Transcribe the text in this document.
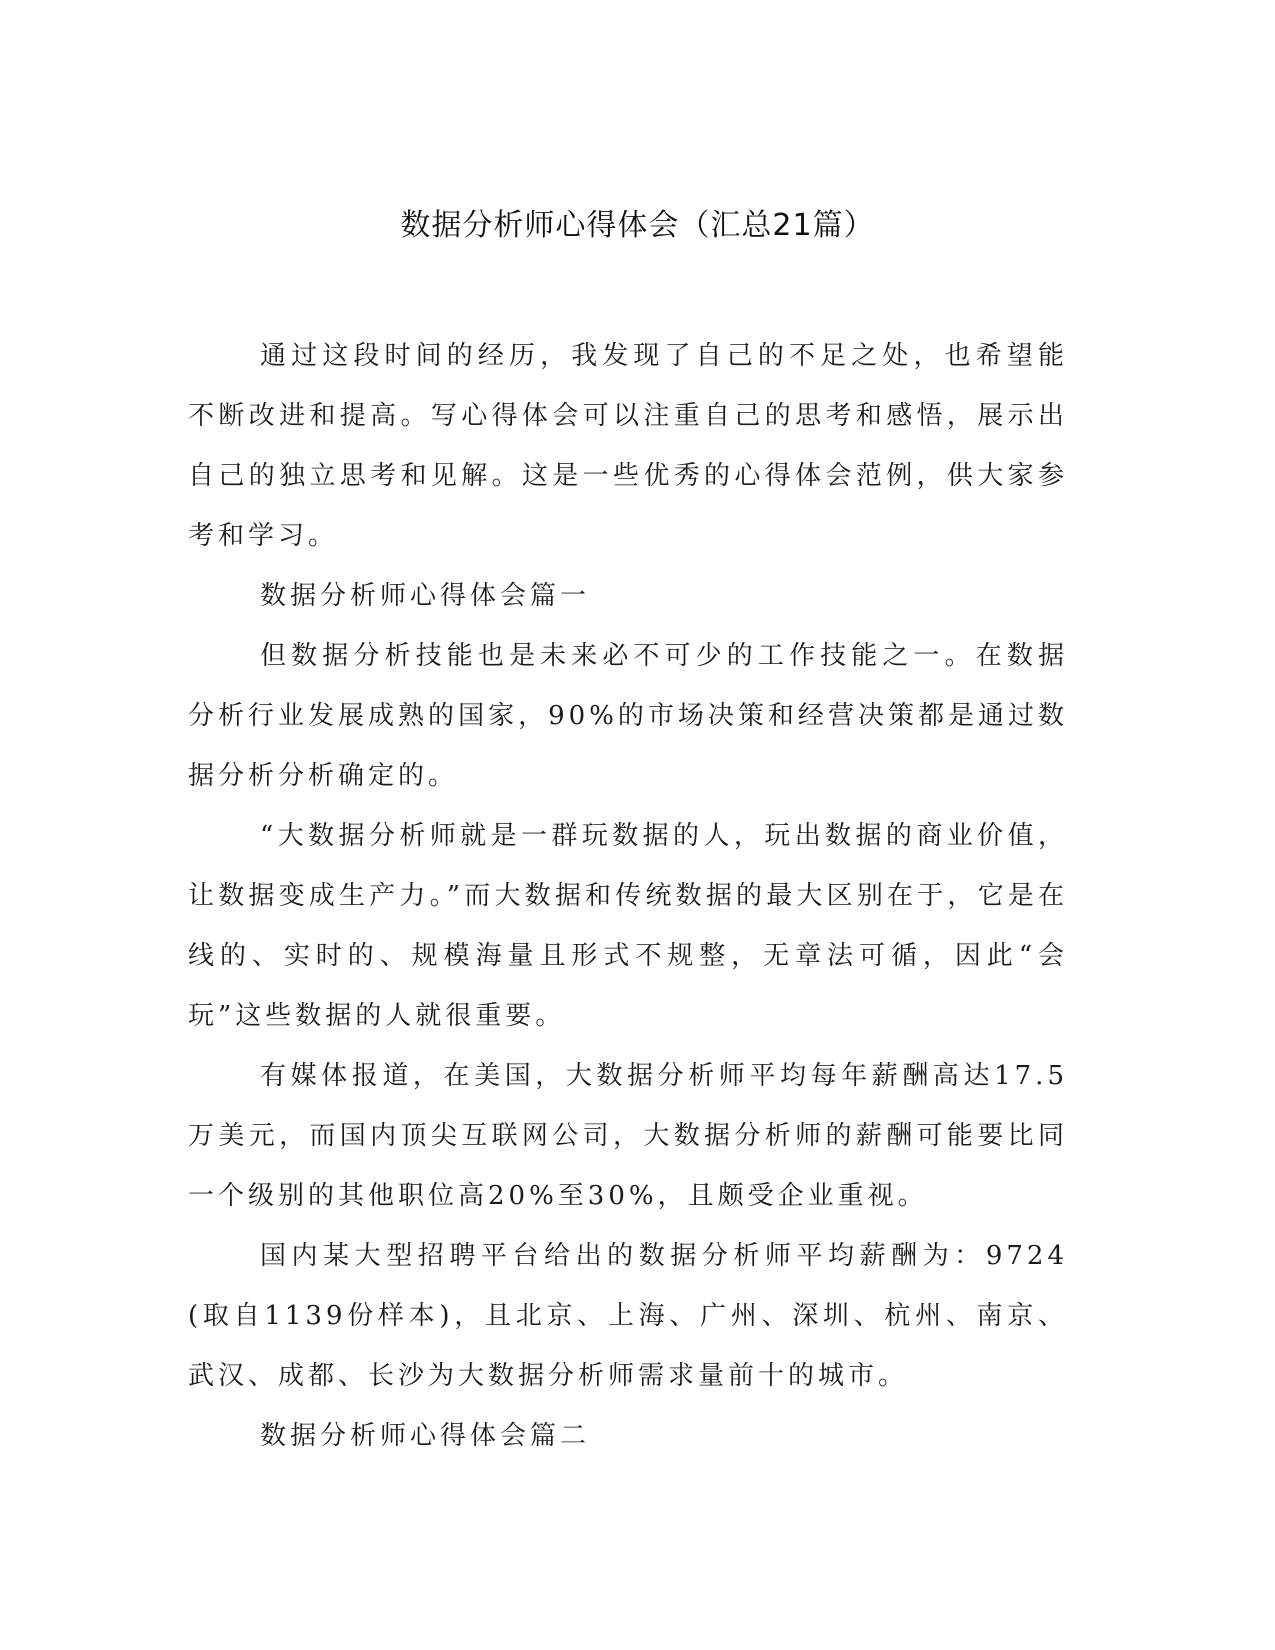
数据分析师心得体会（汇总21篇）

通过这段时间的经历，我发现了自己的不足之处，也希望能不断改进和提高。写心得体会可以注重自己的思考和感悟，展示出自己的独立思考和见解。这是一些优秀的心得体会范例，供大家参考和学习。

数据分析师心得体会篇一

但数据分析技能也是未来必不可少的工作技能之一。在数据分析行业发展成熟的国家，90%的市场决策和经营决策都是通过数据分析分析确定的。

“大数据分析师就是一群玩数据的人，玩出数据的商业价值，让数据变成生产力。”而大数据和传统数据的最大区别在于，它是在线的、实时的、规模海量且形式不规整，无章法可循，因此“会玩”这些数据的人就很重要。

有媒体报道，在美国，大数据分析师平均每年薪酬高达17.5万美元，而国内顶尖互联网公司，大数据分析师的薪酬可能要比同一个级别的其他职位高20%至30%，且颇受企业重视。

国内某大型招聘平台给出的数据分析师平均薪酬为：9724(取自1139份样本)，且北京、上海、广州、深圳、杭州、南京、武汉、成都、长沙为大数据分析师需求量前十的城市。

数据分析师心得体会篇二
